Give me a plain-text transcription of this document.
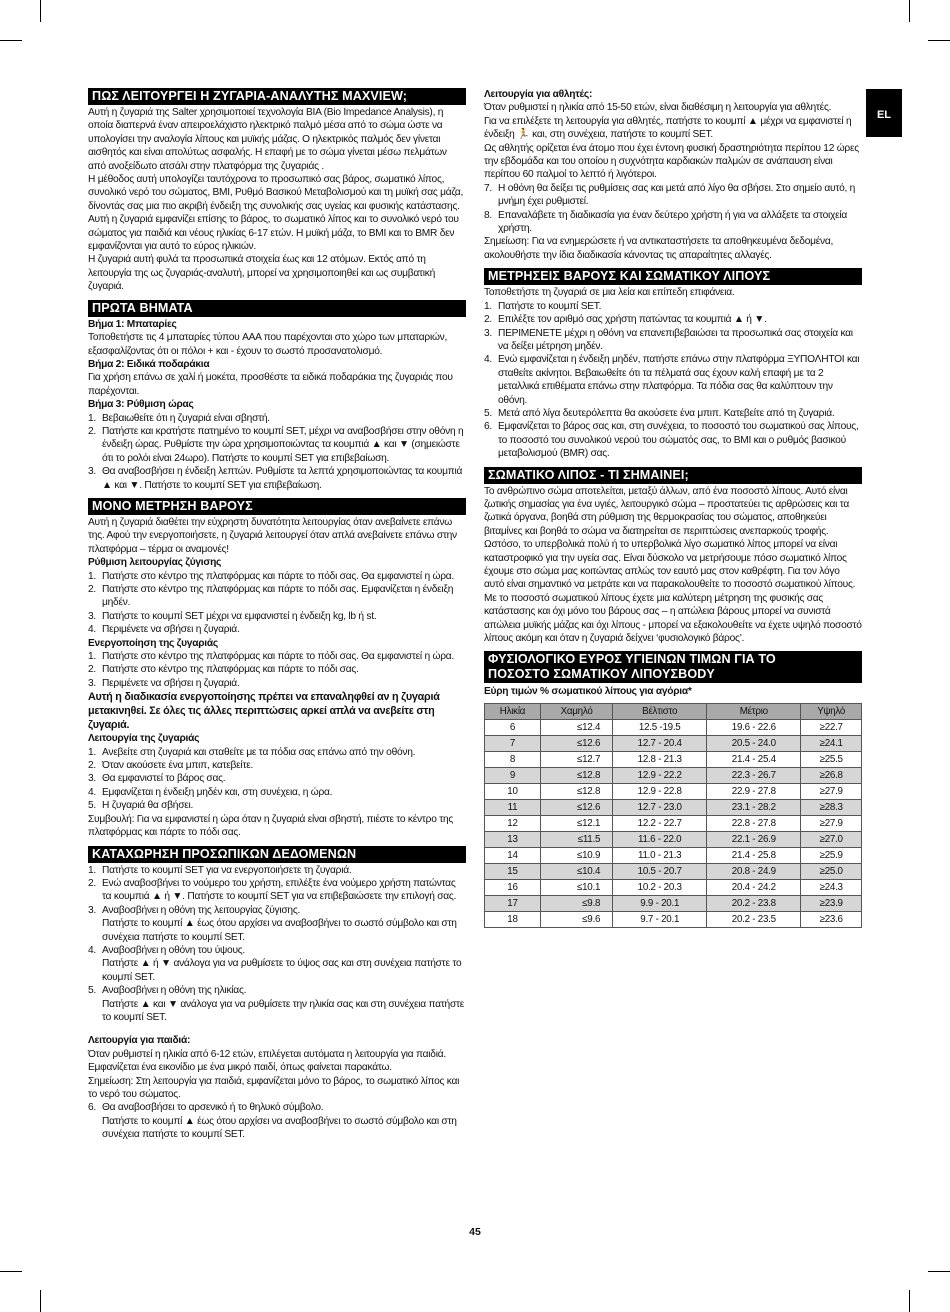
EL
ΠΩΣ ΛΕΙΤΟΥΡΓΕΙ Η ΖΥΓΑΡΙΑ-ΑΝΑΛΥΤΗΣ MAXVIEW;

Αυτή η ζυγαριά της Salter χρησιμοποιεί τεχνολογία BIA (Bio Impedance Analysis), η οποία διαπερνά έναν απειροελάχιστο ηλεκτρικό παλμό μέσα από το σώμα ώστε να υπολογίσει την αναλογία λίπους και μυϊκής μάζας. Ο ηλεκτρικός παλμός δεν γίνεται αισθητός και είναι απολύτως ασφαλής. Η επαφή με το σώμα γίνεται μέσω πελμάτων από ανοξείδωτο ατσάλι στην πλατφόρμα της ζυγαριάς .

Η μέθοδος αυτή υπολογίζει ταυτόχρονα το προσωπικό σας βάρος, σωματικό λίπος, συνολικό νερό του σώματος, BMI, Ρυθμό Βασικού Μεταβολισμού και τη μυϊκή σας μάζα, δίνοντάς σας μια πιο ακριβή ένδειξη της συνολικής σας υγείας και φυσικής κατάστασης. Αυτή η ζυγαριά εμφανίζει επίσης το βάρος, το σωματικό λίπος και το συνολικό νερό του σώματος για παιδιά και νέους ηλικίας 6-17 ετών. Η μυϊκή μάζα, το BMI και το BMR δεν εμφανίζονται για αυτό το εύρος ηλικιών.

Η ζυγαριά αυτή φυλά τα προσωπικά στοιχεία έως και 12 ατόμων. Εκτός από τη λειτουργία της ως ζυγαριάς-αναλυτή, μπορεί να χρησιμοποιηθεί και ως συμβατική ζυγαριά.

ΠΡΩΤΑ ΒΗΜΑΤΑ

Βήμα 1: Μπαταρίες

Τοποθετήστε τις 4 μπαταρίες τύπου AAA που παρέχονται στο χώρο των μπαταριών, εξασφαλίζοντας ότι οι πόλοι + και - έχουν το σωστό προσανατολισμό.

Βήμα 2: Ειδικά ποδαράκια

Για χρήση επάνω σε χαλί ή μοκέτα, προσθέστε τα ειδικά ποδαράκια της ζυγαριάς που παρέχονται.

Βήμα 3: Ρύθμιση ώρας

1. Βεβαιωθείτε ότι η ζυγαριά είναι σβηστή.
2. Πατήστε και κρατήστε πατημένο το κουμπί SET, μέχρι να αναβοσβήσει στην οθόνη η ένδειξη ώρας. Ρυθμίστε την ώρα χρησιμοποιώντας τα κουμπιά ▲ και ▼ (σημειώστε ότι το ρολόι είναι 24ωρο). Πατήστε το κουμπί SET για επιβεβαίωση.
3. Θα αναβοσβήσει η ένδειξη λεπτών. Ρυθμίστε τα λεπτά χρησιμοποιώντας τα κουμπιά ▲ και ▼. Πατήστε το κουμπί SET για επιβεβαίωση.
ΜΟΝΟ ΜΕΤΡΗΣΗ ΒΑΡΟΥΣ

Αυτή η ζυγαριά διαθέτει την εύχρηστη δυνατότητα λειτουργίας όταν ανεβαίνετε επάνω της. Αφού την ενεργοποιήσετε, η ζυγαριά λειτουργεί όταν απλά ανεβαίνετε επάνω στην πλατφόρμα – τέρμα οι αναμονές!

Ρύθμιση λειτουργίας ζύγισης

1. Πατήστε στο κέντρο της πλατφόρμας και πάρτε το πόδι σας. Θα εμφανιστεί η ώρα.
2. Πατήστε στο κέντρο της πλατφόρμας και πάρτε το πόδι σας. Εμφανίζεται η ένδειξη μηδέν.
3. Πατήστε το κουμπί SET μέχρι να εμφανιστεί η ένδειξη kg, lb ή st.
4. Περιμένετε να σβήσει η ζυγαριά.

Ενεργοποίηση της ζυγαριάς

1. Πατήστε στο κέντρο της πλατφόρμας και πάρτε το πόδι σας. Θα εμφανιστεί η ώρα.
2. Πατήστε στο κέντρο της πλατφόρμας και πάρτε το πόδι σας.
3. Περιμένετε να σβήσει η ζυγαριά.

Αυτή η διαδικασία ενεργοποίησης πρέπει να επαναληφθεί αν η ζυγαριά μετακινηθεί. Σε όλες τις άλλες περιπτώσεις αρκεί απλά να ανεβείτε στη ζυγαριά.

Λειτουργία της ζυγαριάς

1. Ανεβείτε στη ζυγαριά και σταθείτε με τα πόδια σας επάνω από την οθόνη.
2. Όταν ακούσετε ένα μπιπ, κατεβείτε.
3. Θα εμφανιστεί το βάρος σας.
4. Εμφανίζεται η ένδειξη μηδέν και, στη συνέχεια, η ώρα.
5. Η ζυγαριά θα σβήσει.

Συμβουλή: Για να εμφανιστεί η ώρα όταν η ζυγαριά είναι σβηστή, πιέστε το κέντρο της πλατφόρμας και πάρτε το πόδι σας.

ΚΑΤΑΧΩΡΗΣΗ ΠΡΟΣΩΠΙΚΩΝ ΔΕΔΟΜΕΝΩΝ
1. Πατήστε το κουμπί SET για να ενεργοποιήσετε τη ζυγαριά.
2. Ενώ αναβοσβήνει το νούμερο του χρήστη, επιλέξτε ένα νούμερο χρήστη πατώντας τα κουμπιά ▲ ή ▼. Πατήστε το κουμπί SET για να επιβεβαιώσετε την επιλογή σας.
3. Αναβοσβήνει η οθόνη της λειτουργίας ζύγισης.
Πατήστε το κουμπί ▲ έως ότου αρχίσει να αναβοσβήνει το σωστό σύμβολο και στη συνέχεια πατήστε το κουμπί SET.
4. Αναβοσβήνει η οθόνη του ύψους.
Πατήστε ▲ ή ▼ ανάλογα για να ρυθμίσετε το ύψος σας και στη συνέχεια πατήστε το κουμπί SET.
5. Αναβοσβήνει η οθόνη της ηλικίας.
Πατήστε ▲ και ▼ ανάλογα για να ρυθμίσετε την ηλικία σας και στη συνέχεια πατήστε το κουμπί SET.

Λειτουργία για παιδιά:

Όταν ρυθμιστεί η ηλικία από 6-12 ετών, επιλέγεται αυτόματα η λειτουργία για παιδιά.

Εμφανίζεται ένα εικονίδιο με ένα μικρό παιδί, όπως φαίνεται παρακάτω.

Σημείωση: Στη λειτουργία για παιδιά, εμφανίζεται μόνο το βάρος, το σωματικό λίπος και το νερό του σώματος.

6. Θα αναβοσβήσει το αρσενικό ή το θηλυκό σύμβολο.
Πατήστε το κουμπί ▲ έως ότου αρχίσει να αναβοσβήνει το σωστό σύμβολο και στη συνέχεια πατήστε το κουμπί SET.

Λειτουργία για αθλητές:

Όταν ρυθμιστεί η ηλικία από 15-50 ετών, είναι διαθέσιμη η λειτουργία για αθλητές.

Για να επιλέξετε τη λειτουργία για αθλητές, πατήστε το κουμπί ▲ μέχρι να εμφανιστεί η ένδειξη 🏃 και, στη συνέχεια, πατήστε το κουμπί SET.

Ως αθλητής ορίζεται ένα άτομο που έχει έντονη φυσική δραστηριότητα περίπου 12 ώρες την εβδομάδα και του οποίου η συχνότητα καρδιακών παλμών σε ανάπαυση είναι περίπου 60 παλμοί το λεπτό ή λιγότεροι.

7. Η οθόνη θα δείξει τις ρυθμίσεις σας και μετά από λίγο θα σβήσει. Στο σημείο αυτό, η μνήμη έχει ρυθμιστεί.
8. Επαναλάβετε τη διαδικασία για έναν δεύτερο χρήστη ή για να αλλάξετε τα στοιχεία χρήστη.

Σημείωση: Για να ενημερώσετε ή να αντικαταστήσετε τα αποθηκευμένα δεδομένα, ακολουθήστε την ίδια διαδικασία κάνοντας τις απαραίτητες αλλαγές.

ΜΕΤΡΗΣΕΙΣ ΒΑΡΟΥΣ ΚΑΙ ΣΩΜΑΤΙΚΟΥ ΛΙΠΟΥΣ

Τοποθετήστε τη ζυγαριά σε μια λεία και επίπεδη επιφάνεια.

1. Πατήστε το κουμπί SET.
2. Επιλέξτε τον αριθμό σας χρήστη πατώντας τα κουμπιά ▲ ή ▼.
3. ΠΕΡΙΜΕΝΕΤΕ μέχρι η οθόνη να επανεπιβεβαιώσει τα προσωπικά σας στοιχεία και να δείξει μέτρηση μηδέν.
4. Ενώ εμφανίζεται η ένδειξη μηδέν, πατήστε επάνω στην πλατφόρμα ΞΥΠΟΛΗΤΟΙ και σταθείτε ακίνητοι. Βεβαιωθείτε ότι τα πέλματά σας έχουν καλή επαφή με τα 2 μεταλλικά επιθέματα επάνω στην πλατφόρμα. Τα πόδια σας θα καλύπτουν την οθόνη.
5. Μετά από λίγα δευτερόλεπτα θα ακούσετε ένα μπιπ. Κατεβείτε από τη ζυγαριά.
6. Εμφανίζεται το βάρος σας και, στη συνέχεια, το ποσοστό του σωματικού σας λίπους, το ποσοστό του συνολικού νερού του σώματός σας, το BMI και ο ρυθμός βασικού μεταβολισμού (BMR) σας.
ΣΩΜΑΤΙΚΟ ΛΙΠΟΣ - ΤΙ ΣΗΜΑΙΝΕΙ;

Το ανθρώπινο σώμα αποτελείται, μεταξύ άλλων, από ένα ποσοστό λίπους. Αυτό είναι ζωτικής σημασίας για ένα υγιές, λειτουργικό σώμα – προστατεύει τις αρθρώσεις και τα ζωτικά όργανα, βοηθά στη ρύθμιση της θερμοκρασίας του σώματος, αποθηκεύει βιταμίνες και βοηθά το σώμα να διατηρείται σε περιπτώσεις ανεπαρκούς τροφής. Ωστόσο, το υπερβολικά πολύ ή το υπερβολικά λίγο σωματικό λίπος μπορεί να είναι καταστροφικό για την υγεία σας. Είναι δύσκολο να μετρήσουμε πόσο σωματικό λίπος έχουμε στο σώμα μας κοιτώντας απλώς τον εαυτό μας στον καθρέφτη. Για τον λόγο αυτό είναι σημαντικό να μετράτε και να παρακολουθείτε το ποσοστό σωματικού λίπους. Με το ποσοστό σωματικού λίπους έχετε μια καλύτερη μέτρηση της φυσικής σας κατάστασης και όχι μόνο του βάρους σας – η απώλεια βάρους μπορεί να συνιστά απώλεια μυϊκής μάζας και όχι λίπους - μπορεί να εξακολουθείτε να έχετε υψηλό ποσοστό λίπους ακόμη και όταν η ζυγαριά δείχνει ‘φυσιολογικό βάρος’.

ΦΥΣΙΟΛΟΓΙΚΟ ΕΥΡΟΣ ΥΓΙΕΙΝΩΝ ΤΙΜΩΝ ΓΙΑ ΤΟ
ΠΟΣΟΣΤΟ ΣΩΜΑΤΙΚΟΥ ΛΙΠΟΥΣΒΟDY

Εύρη τιμών % σωματικού λίπους για αγόρια*

Ηλικία	Χαμηλό	Βέλτιστο	Μέτριο	Υψηλό
6	≤12.4	12.5 -19.5	19.6 - 22.6	≥22.7
7	≤12.6	12.7 - 20.4	20.5 - 24.0	≥24.1
8	≤12.7	12.8 - 21.3	21.4 - 25.4	≥25.5
9	≤12.8	12.9 - 22.2	22.3 - 26.7	≥26.8
10	≤12.8	12.9 - 22.8	22.9 - 27.8	≥27.9
11	≤12.6	12.7 - 23.0	23.1 - 28.2	≥28.3
12	≤12.1	12.2 - 22.7	22.8 - 27.8	≥27.9
13	≤11.5	11.6 - 22.0	22.1 - 26.9	≥27.0
14	≤10.9	11.0 - 21.3	21.4 - 25.8	≥25.9
15	≤10.4	10.5 - 20.7	20.8 - 24.9	≥25.0
16	≤10.1	10.2 - 20.3	20.4 - 24.2	≥24.3
17	≤9.8	9.9 - 20.1	20.2 - 23.8	≥23.9
18	≤9.6	9.7 - 20.1	20.2 - 23.5	≥23.6
45
